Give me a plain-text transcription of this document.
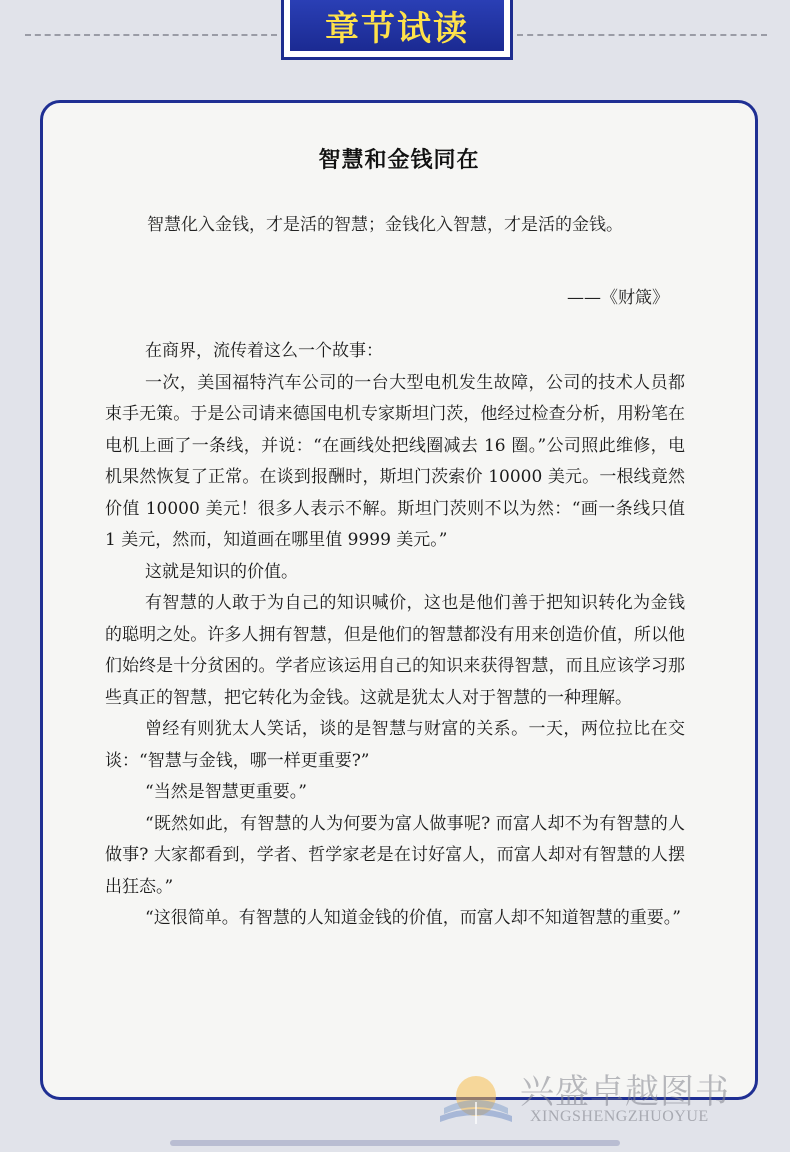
章节试读
智慧和金钱同在

智慧化入金钱，才是活的智慧；金钱化入智慧，才是活的金钱。

——《财箴》

在商界，流传着这么一个故事：

一次，美国福特汽车公司的一台大型电机发生故障，公司的技术人员都束手无策。于是公司请来德国电机专家斯坦门茨，他经过检查分析，用粉笔在电机上画了一条线，并说：“在画线处把线圈减去 16 圈。”公司照此维修，电机果然恢复了正常。在谈到报酬时，斯坦门茨索价 10000 美元。一根线竟然价值 10000 美元！很多人表示不解。斯坦门茨则不以为然：“画一条线只值 1 美元，然而，知道画在哪里值 9999 美元。”

这就是知识的价值。

有智慧的人敢于为自己的知识喊价，这也是他们善于把知识转化为金钱的聪明之处。许多人拥有智慧，但是他们的智慧都没有用来创造价值，所以他们始终是十分贫困的。学者应该运用自己的知识来获得智慧，而且应该学习那些真正的智慧，把它转化为金钱。这就是犹太人对于智慧的一种理解。

曾经有则犹太人笑话，谈的是智慧与财富的关系。一天，两位拉比在交谈：“智慧与金钱，哪一样更重要?”

“当然是智慧更重要。”

“既然如此，有智慧的人为何要为富人做事呢? 而富人却不为有智慧的人做事? 大家都看到，学者、哲学家老是在讨好富人，而富人却对有智慧的人摆出狂态。”

“这很简单。有智慧的人知道金钱的价值，而富人却不知道智慧的重要。”

兴盛卓越图书
XINGSHENGZHUOYUE
